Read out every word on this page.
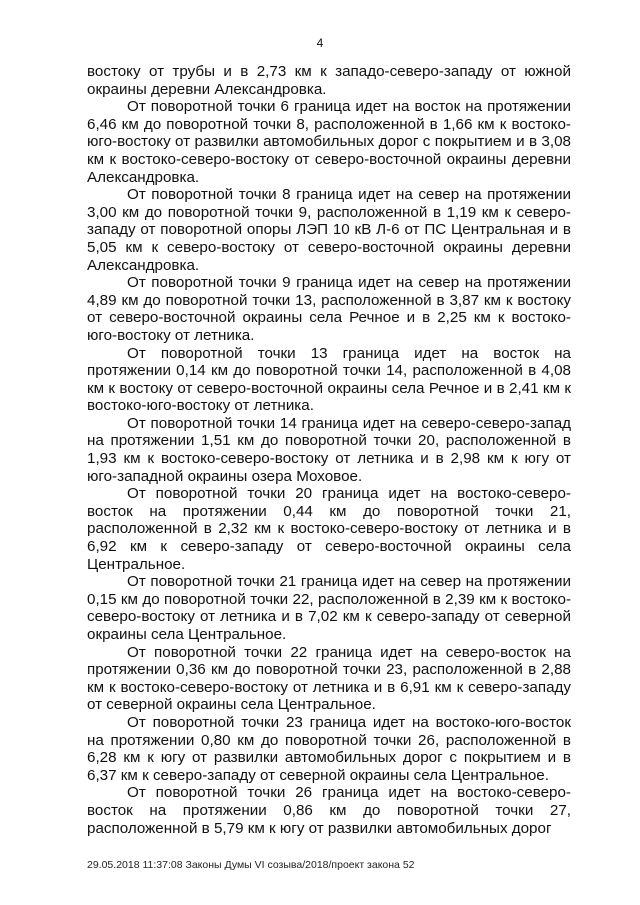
4

востоку от трубы и в 2,73 км к западо-северо-западу от южной окраины деревни Александровка.

От поворотной точки 6 граница идет на восток на протяжении 6,46 км до поворотной точки 8, расположенной в 1,66 км к востоко-юго-востоку от развилки автомобильных дорог с покрытием и в 3,08 км к востоко-северо-востоку от северо-восточной окраины деревни Александровка.

От поворотной точки 8 граница идет на север на протяжении 3,00 км до поворотной точки 9, расположенной в 1,19 км к северо-западу от поворотной опоры ЛЭП 10 кВ Л-6 от ПС Центральная и в 5,05 км к северо-востоку от северо-восточной окраины деревни Александровка.

От поворотной точки 9 граница идет на север на протяжении 4,89 км до поворотной точки 13, расположенной в 3,87 км к востоку от северо-восточной окраины села Речное и в 2,25 км к востоко-юго-востоку от летника.

От поворотной точки 13 граница идет на восток на протяжении 0,14 км до поворотной точки 14, расположенной в 4,08 км к востоку от северо-восточной окраины села Речное и в 2,41 км к востоко-юго-востоку от летника.

От поворотной точки 14 граница идет на северо-северо-запад на протяжении 1,51 км до поворотной точки 20, расположенной в 1,93 км к востоко-северо-востоку от летника и в 2,98 км к югу от юго-западной окраины озера Моховое.

От поворотной точки 20 граница идет на востоко-северо-восток на протяжении 0,44 км до поворотной точки 21, расположенной в 2,32 км к востоко-северо-востоку от летника и в 6,92 км к северо-западу от северо-восточной окраины села Центральное.

От поворотной точки 21 граница идет на север на протяжении 0,15 км до поворотной точки 22, расположенной в 2,39 км к востоко-северо-востоку от летника и в 7,02 км к северо-западу от северной окраины села Центральное.

От поворотной точки 22 граница идет на северо-восток на протяжении 0,36 км до поворотной точки 23, расположенной в 2,88 км к востоко-северо-востоку от летника и в 6,91 км к северо-западу от северной окраины села Центральное.

От поворотной точки 23 граница идет на востоко-юго-восток на протяжении 0,80 км до поворотной точки 26, расположенной в 6,28 км к югу от развилки автомобильных дорог с покрытием и в 6,37 км к северо-западу от северной окраины села Центральное.

От поворотной точки 26 граница идет на востоко-северо-восток на протяжении 0,86 км до поворотной точки 27, расположенной в 5,79 км к югу от развилки автомобильных дорог

29.05.2018 11:37:08 Законы Думы VI созыва/2018/проект закона 52
